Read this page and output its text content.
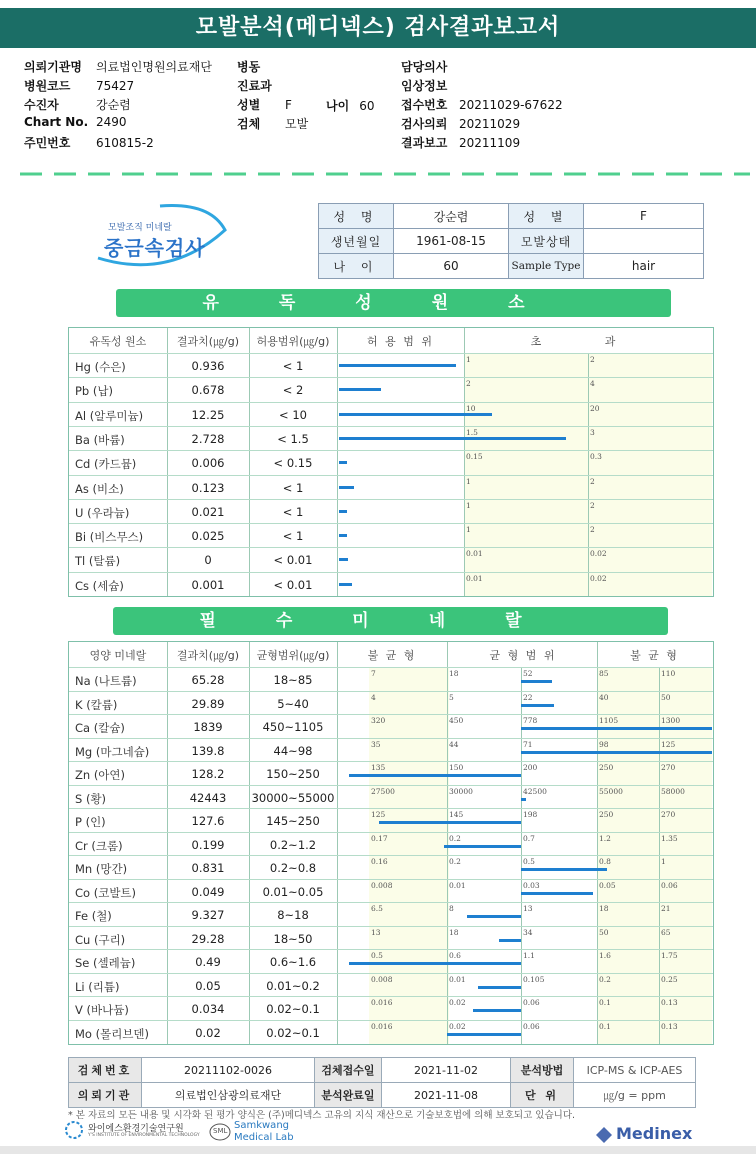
모발분석(메디넥스) 검사결과보고서
의뢰기관명 의료법인명원의료재단
병원코드 75427
수진자	강순렴
Chart No. 2490
주민번호 610815-2
병동
진료과
성별 F
검체 모발
담당의사
임상정보
접수번호 20211029-67622
검사의뢰 20211029
결과보고 20211109
나이 60
모발조직 미네랄
중금속검사
성 명	강순렴	성 별	F
생년월일	1961-08-15	모발상태	
나 이	60	Sample Type	hair
유독성원소
유독성 원소	결과치(㎍/g)	허용범위(㎍/g)	허 용 범 위	초 과
Hg (수은)	0.936	< 1	1	2
Pb (납)	0.678	< 2	2	4
Al (알루미늄)	12.25	< 10	10	20
Ba (바륨)	2.728	< 1.5	1.5	3
Cd (카드뮴)	0.006	< 0.15	0.15	0.3
As (비소)	0.123	< 1	1	2
U (우라늄)	0.021	< 1	1	2
Bi (비스무스)	0.025	< 1	1	2
Tl (탈륨)	0	< 0.01	0.01	0.02
Cs (세슘)	0.001	< 0.01	0.01	0.02
필수미네랄
영양 미네랄	결과치(㎍/g)	균형범위(㎍/g)	불 균 형	균 형 범 위	불 균 형
Na (나트륨)	65.28	18~85	7	18	52	85	110
K (칼륨)	29.89	5~40	4	5	22	40	50
Ca (칼슘)	1839	450~1105	320	450	778	1105	1300
Mg (마그네슘)	139.8	44~98	35	44	71	98	125
Zn (아연)	128.2	150~250	135	150	200	250	270
S (황)	42443	30000~55000	27500	30000	42500	55000	58000
P (인)	127.6	145~250	125	145	198	250	270
Cr (크롬)	0.199	0.2~1.2	0.17	0.2	0.7	1.2	1.35
Mn (망간)	0.831	0.2~0.8	0.16	0.2	0.5	0.8	1
Co (코발트)	0.049	0.01~0.05	0.008	0.01	0.03	0.05	0.06
Fe (철)	9.327	8~18	6.5	8	13	18	21
Cu (구리)	29.28	18~50	13	18	34	50	65
Se (셀레늄)	0.49	0.6~1.6	0.5	0.6	1.1	1.6	1.75
Li (리튬)	0.05	0.01~0.2	0.008	0.01	0.105	0.2	0.25
V (바나듐)	0.034	0.02~0.1	0.016	0.02	0.06	0.1	0.13
Mo (몰리브덴)	0.02	0.02~0.1	0.016	0.02	0.06	0.1	0.13
검체번호	20211102-0026	검체접수일	2021-11-02	분석방법	ICP-MS & ICP-AES
의뢰기관	의료법인삼광의료재단	분석완료일	2021-11-08	단 위	㎍/g = ppm
* 본 자료의 모든 내용 및 시각화 된 평가 양식은 (주)메디넥스 고유의 지식 재산으로 기술보호법에 의해 보호되고 있습니다.
와이에스환경기술연구원
Y'S INSTITUTE OF ENVIRONMENTAL TECHNOLOGY
SML Samkwang
Medical Lab	Medinex
